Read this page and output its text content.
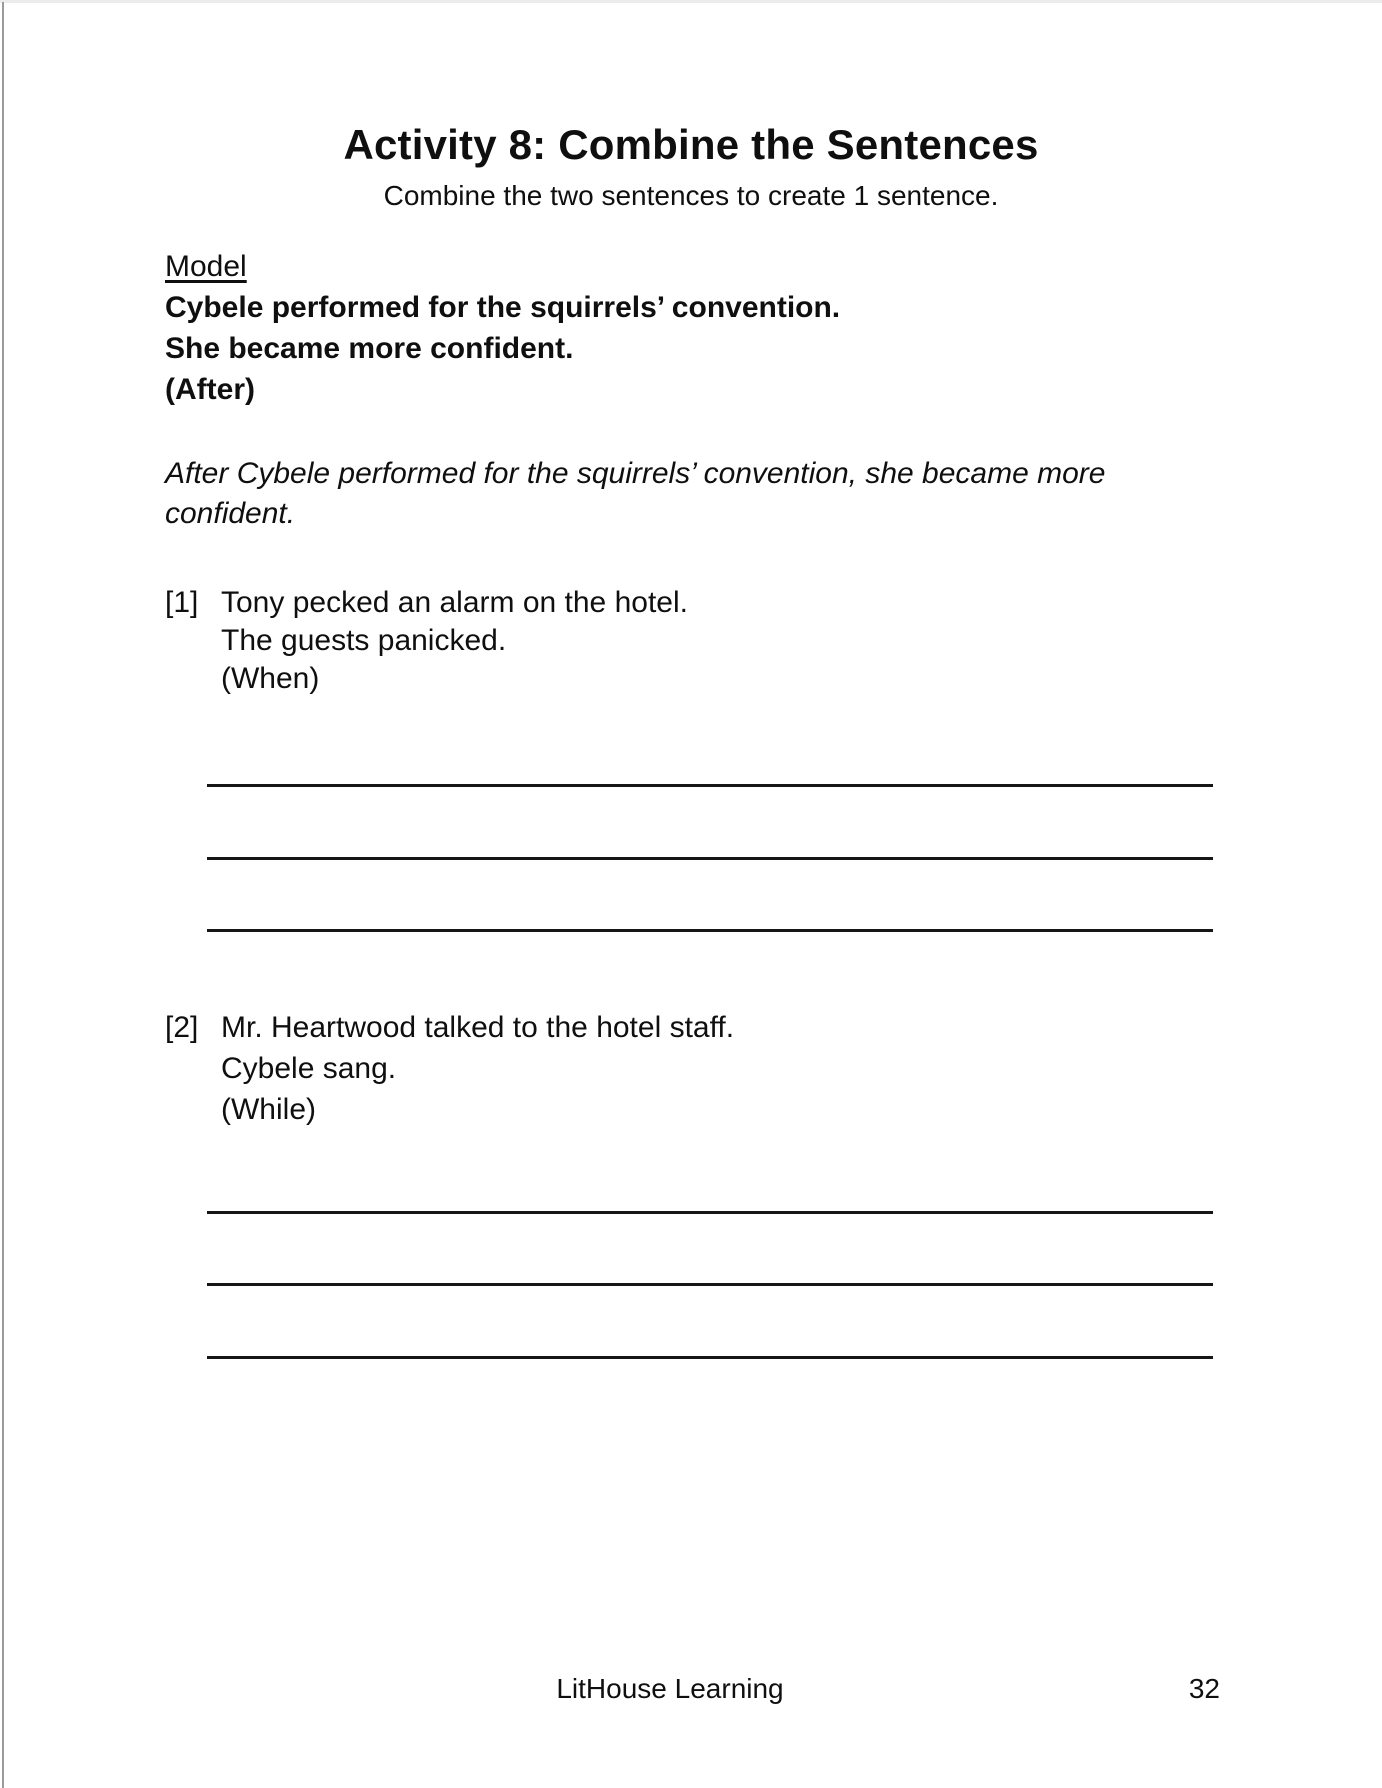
Activity 8: Combine the Sentences
Combine the two sentences to create 1 sentence.
Model
Cybele performed for the squirrels’ convention.
She became more confident.
(After)
After Cybele performed for the squirrels’ convention, she became more confident.
[1] Tony pecked an alarm on the hotel.
The guests panicked.
(When)
[2] Mr. Heartwood talked to the hotel staff.
Cybele sang.
(While)
LitHouse Learning	32
